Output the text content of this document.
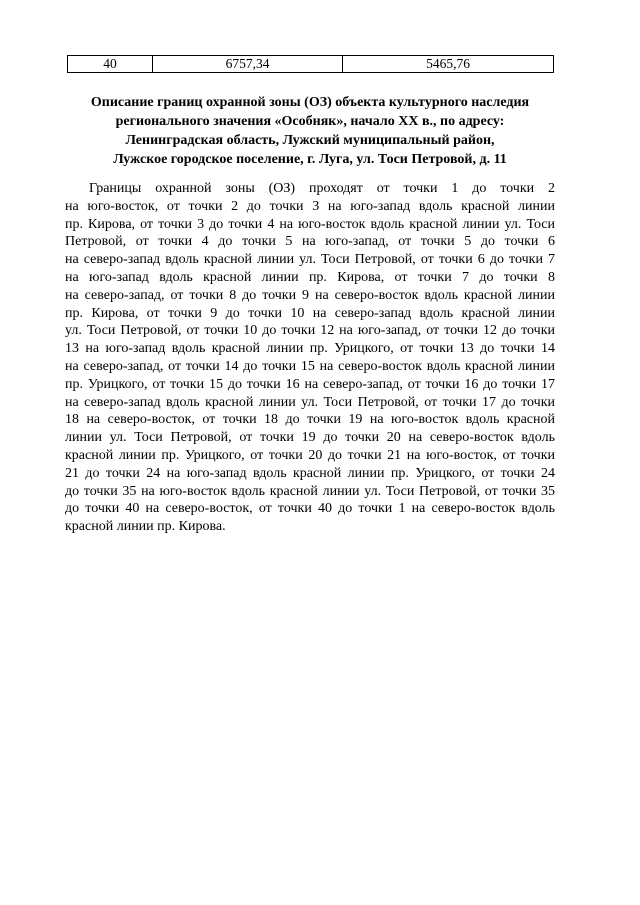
40	6757,34	5465,76
Описание границ охранной зоны (ОЗ) объекта культурного наследия
регионального значения «Особняк», начало XX в., по адресу:
Ленинградская область, Лужский муниципальный район,
Лужское городское поселение, г. Луга, ул. Тоси Петровой, д. 11

Границы охранной зоны (ОЗ) проходят от точки 1 до точки 2
на юго-восток, от точки 2 до точки 3 на юго-запад вдоль красной линии
пр. Кирова, от точки 3 до точки 4 на юго-восток вдоль красной линии ул. Тоси
Петровой, от точки 4 до точки 5 на юго-запад, от точки 5 до точки 6
на северо-запад вдоль красной линии ул. Тоси Петровой, от точки 6 до точки 7
на юго-запад вдоль красной линии пр. Кирова, от точки 7 до точки 8
на северо-запад, от точки 8 до точки 9 на северо-восток вдоль красной линии
пр. Кирова, от точки 9 до точки 10 на северо-запад вдоль красной линии
ул. Тоси Петровой, от точки 10 до точки 12 на юго-запад, от точки 12 до точки
13 на юго-запад вдоль красной линии пр. Урицкого, от точки 13 до точки 14
на северо-запад, от точки 14 до точки 15 на северо-восток вдоль красной линии
пр. Урицкого, от точки 15 до точки 16 на северо-запад, от точки 16 до точки 17
на северо-запад вдоль красной линии ул. Тоси Петровой, от точки 17 до точки
18 на северо-восток, от точки 18 до точки 19 на юго-восток вдоль красной
линии ул. Тоси Петровой, от точки 19 до точки 20 на северо-восток вдоль
красной линии пр. Урицкого, от точки 20 до точки 21 на юго-восток, от точки
21 до точки 24 на юго-запад вдоль красной линии пр. Урицкого, от точки 24
до точки 35 на юго-восток вдоль красной линии ул. Тоси Петровой, от точки 35
до точки 40 на северо-восток, от точки 40 до точки 1 на северо-восток вдоль
красной линии пр. Кирова.
